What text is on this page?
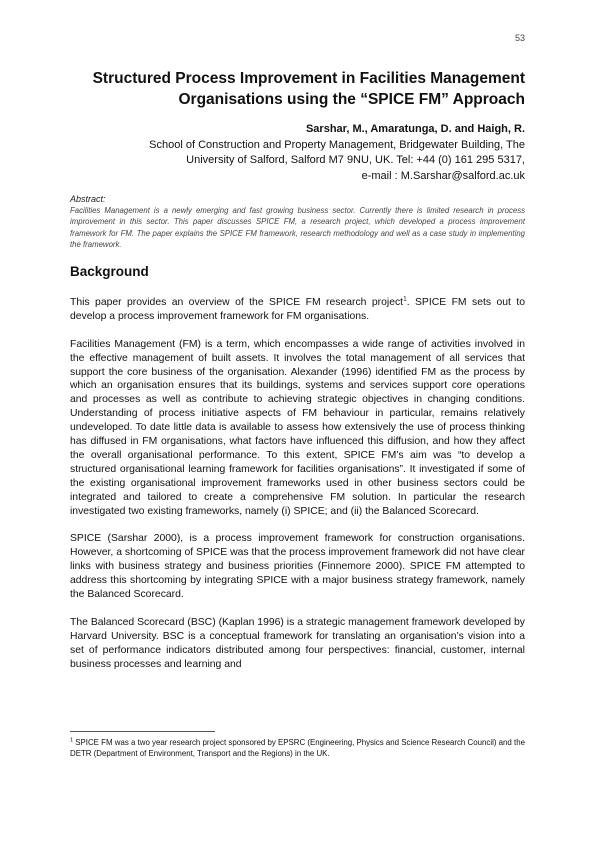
53
Structured Process Improvement in Facilities Management
Organisations using the “SPICE FM” Approach
Sarshar, M., Amaratunga, D. and Haigh, R.
School of Construction and Property Management, Bridgewater Building, The
University of Salford, Salford M7 9NU, UK. Tel: +44 (0) 161 295 5317,
e-mail : M.Sarshar@salford.ac.uk

Abstract:

Facilities Management is a newly emerging and fast growing business sector. Currently there is limited research in process improvement in this sector. This paper discusses SPICE FM, a research project, which developed a process improvement framework for FM. The paper explains the SPICE FM framework, research methodology and well as a case study in implementing the framework.

Background

This paper provides an overview of the SPICE FM research project$^1$. SPICE FM sets out to develop a process improvement framework for FM organisations.

Facilities Management (FM) is a term, which encompasses a wide range of activities involved in the effective management of built assets. It involves the total management of all services that support the core business of the organisation. Alexander (1996) identified FM as the process by which an organisation ensures that its buildings, systems and services support core operations and processes as well as contribute to achieving strategic objectives in changing conditions. Understanding of process initiative aspects of FM behaviour in particular, remains relatively undeveloped. To date little data is available to assess how extensively the use of process thinking has diffused in FM organisations, what factors have influenced this diffusion, and how they affect the overall organisational performance. To this extent, SPICE FM’s aim was “to develop a structured organisational learning framework for facilities organisations”. It investigated if some of the existing organisational improvement frameworks used in other business sectors could be integrated and tailored to create a comprehensive FM solution. In particular the research investigated two existing frameworks, namely (i) SPICE; and (ii) the Balanced Scorecard.

SPICE (Sarshar 2000), is a process improvement framework for construction organisations. However, a shortcoming of SPICE was that the process improvement framework did not have clear links with business strategy and business priorities (Finnemore 2000). SPICE FM attempted to address this shortcoming by integrating SPICE with a major business strategy framework, namely the Balanced Scorecard.

The Balanced Scorecard (BSC) (Kaplan 1996) is a strategic management framework developed by Harvard University. BSC is a conceptual framework for translating an organisation’s vision into a set of performance indicators distributed among four perspectives: financial, customer, internal business processes and learning and

$^1$ SPICE FM was a two year research project sponsored by EPSRC (Engineering, Physics and Science Research Council) and the DETR (Department of Environment, Transport and the Regions) in the UK.
